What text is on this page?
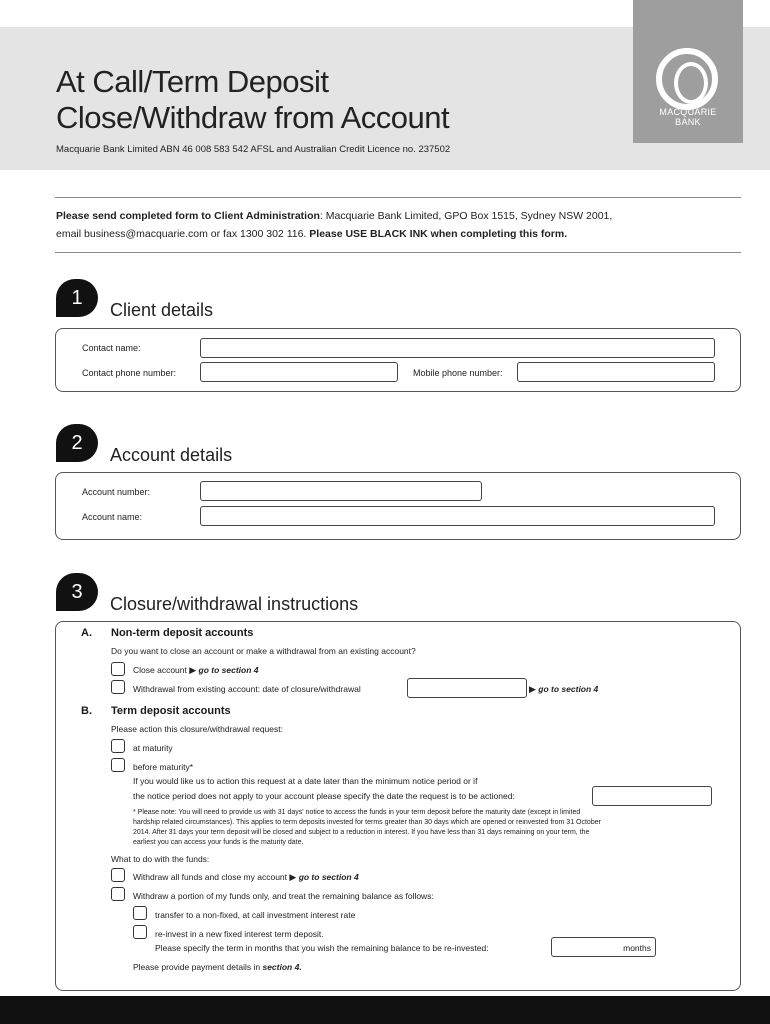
At Call/Term Deposit
Close/Withdraw from Account
Macquarie Bank Limited ABN 46 008 583 542 AFSL and Australian Credit Licence no. 237502
MACQUARIE
BANK
Please send completed form to Client Administration: Macquarie Bank Limited, GPO Box 1515, Sydney NSW 2001,
email business@macquarie.com or fax 1300 302 116. Please USE BLACK INK when completing this form.
1
Client details
Contact name:
Contact phone number:	Mobile phone number:
2
Account details
Account number:
Account name:
3
Closure/withdrawal instructions
A. Non-term deposit accounts
Do you want to close an account or make a withdrawal from an existing account?
Close account ▶ go to section 4
Withdrawal from existing account: date of closure/withdrawal	▶ go to section 4
B. Term deposit accounts
Please action this closure/withdrawal request:
at maturity
before maturity*
If you would like us to action this request at a date later than the minimum notice period or if
the notice period does not apply to your account please specify the date the request is to be actioned:
* Please note: You will need to provide us with 31 days' notice to access the funds in your term deposit before the maturity date (except in limited
hardship related circumstances). This applies to term deposits invested for terms greater than 30 days which are opened or reinvested from 31 October
2014. After 31 days your term deposit will be closed and subject to a reduction in interest. If you have less than 31 days remaining on your term, the
earliest you can access your funds is the maturity date.
What to do with the funds:
Withdraw all funds and close my account ▶ go to section 4
Withdraw a portion of my funds only, and treat the remaining balance as follows:
transfer to a non-fixed, at call investment interest rate
re-invest in a new fixed interest term deposit.
Please specify the term in months that you wish the remaining balance to be re-invested:	months
Please provide payment details in section 4.
